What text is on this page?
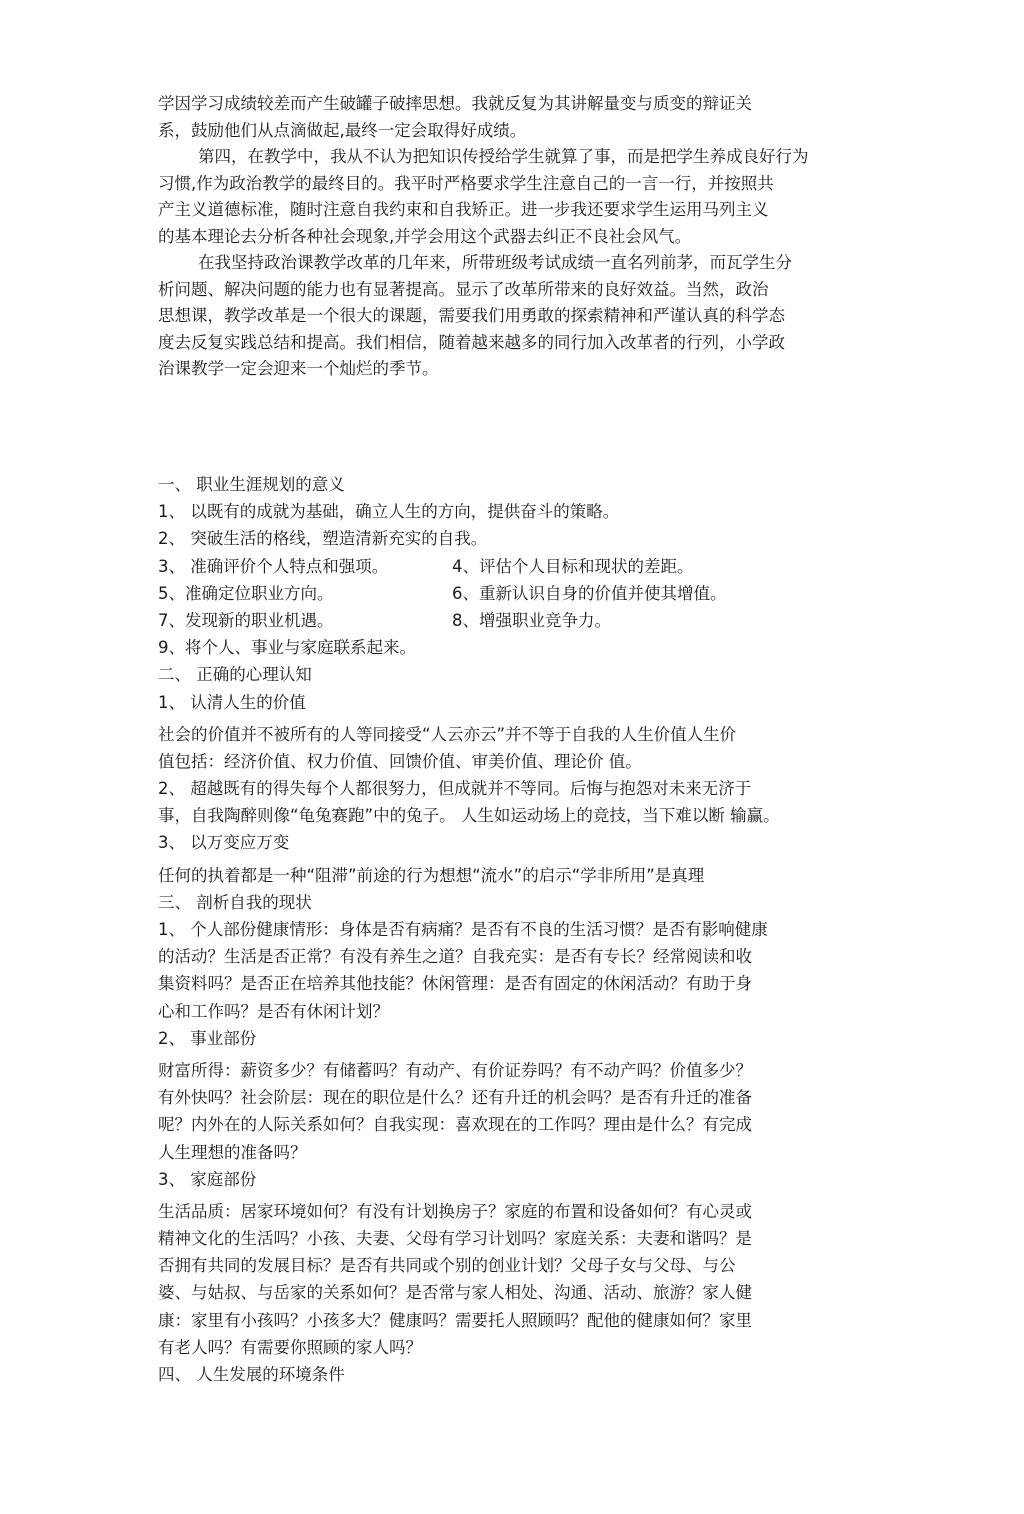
学因学习成绩较差而产生破罐子破摔思想。我就反复为其讲解量变与质变的辩证关
系，鼓励他们从点滴做起,最终一定会取得好成绩。
第四，在教学中，我从不认为把知识传授给学生就算了事，而是把学生养成良好行为
习惯,作为政治教学的最终目的。我平时严格要求学生注意自己的一言一行，并按照共
产主义道德标准，随时注意自我约束和自我矫正。进一步我还要求学生运用马列主义
的基本理论去分析各种社会现象,并学会用这个武器去纠正不良社会风气。
在我坚持政治课教学改革的几年来，所带班级考试成绩一直名列前茅，而瓦学生分
析问题、解决问题的能力也有显著提高。显示了改革所带来的良好效益。当然，政治
思想课，教学改革是一个很大的课题，需要我们用勇敢的探索精神和严谨认真的科学态
度去反复实践总结和提高。我们相信，随着越来越多的同行加入改革者的行列，小学政
治课教学一定会迎来一个灿烂的季节。
一、 职业生涯规划的意义
1、 以既有的成就为基础，确立人生的方向，提供奋斗的策略。
2、 突破生活的格线，塑造清新充实的自我。
3、 准确评价个人特点和强项。	4、评估个人目标和现状的差距。
5、准确定位职业方向。	6、重新认识自身的价值并使其增值。
7、发现新的职业机遇。	8、增强职业竞争力。
9、将个人、事业与家庭联系起来。
二、 正确的心理认知
1、 认清人生的价值
社会的价值并不被所有的人等同接受“人云亦云”并不等于自我的人生价值人生价
值包括：经济价值、权力价值、回馈价值、审美价值、理论价 值。
2、 超越既有的得失每个人都很努力，但成就并不等同。后悔与抱怨对未来无济于
事，自我陶醉则像“龟兔赛跑”中的兔子。 人生如运动场上的竞技，当下难以断 输赢。
3、 以万变应万变
任何的执着都是一种“阻滞”前途的行为想想“流水”的启示“学非所用”是真理
三、 剖析自我的现状
1、 个人部份健康情形：身体是否有病痛？是否有不良的生活习惯？是否有影响健康
的活动？生活是否正常？有没有养生之道？自我充实：是否有专长？经常阅读和收
集资料吗？是否正在培养其他技能？休闲管理：是否有固定的休闲活动？有助于身
心和工作吗？是否有休闲计划？
2、 事业部份
财富所得：薪资多少？有储蓄吗？有动产、有价证券吗？有不动产吗？价值多少？
有外快吗？社会阶层：现在的职位是什么？还有升迁的机会吗？是否有升迁的准备
呢？内外在的人际关系如何？自我实现：喜欢现在的工作吗？理由是什么？有完成
人生理想的准备吗？
3、 家庭部份
生活品质：居家环境如何？有没有计划换房子？家庭的布置和设备如何？有心灵或
精神文化的生活吗？小孩、夫妻、父母有学习计划吗？家庭关系：夫妻和谐吗？是
否拥有共同的发展目标？是否有共同或个别的创业计划？父母子女与父母、与公
婆、与姑叔、与岳家的关系如何？是否常与家人相处、沟通、活动、旅游？家人健
康：家里有小孩吗？小孩多大？健康吗？需要托人照顾吗？配他的健康如何？家里
有老人吗？有需要你照顾的家人吗？
四、 人生发展的环境条件
